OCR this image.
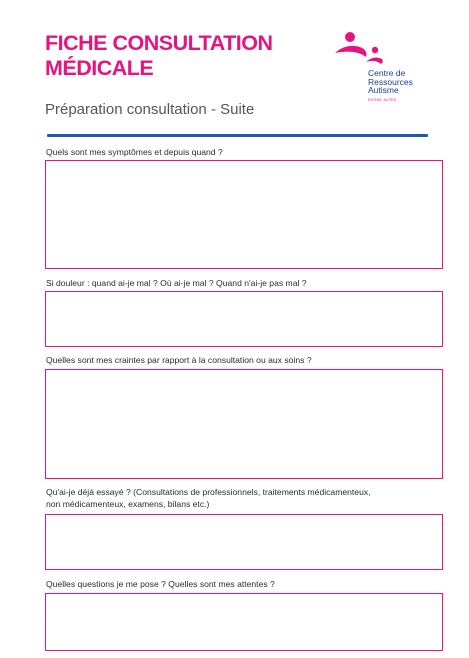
FICHE CONSULTATION
MÉDICALE	Centre de
Ressources
Autisme
RHÔNE-ALPES
Préparation consultation - Suite
Quels sont mes symptômes et depuis quand ?
Si douleur : quand ai-je mal ? Où ai-je mal ? Quand n'ai-je pas mal ?
Quelles sont mes craintes par rapport à la consultation ou aux soins ?
Qu'ai-je déjà essayé ? (Consultations de professionnels, traitements médicamenteux,
non médicamenteux, examens, bilans etc.)
Quelles questions je me pose ? Quelles sont mes attentes ?
